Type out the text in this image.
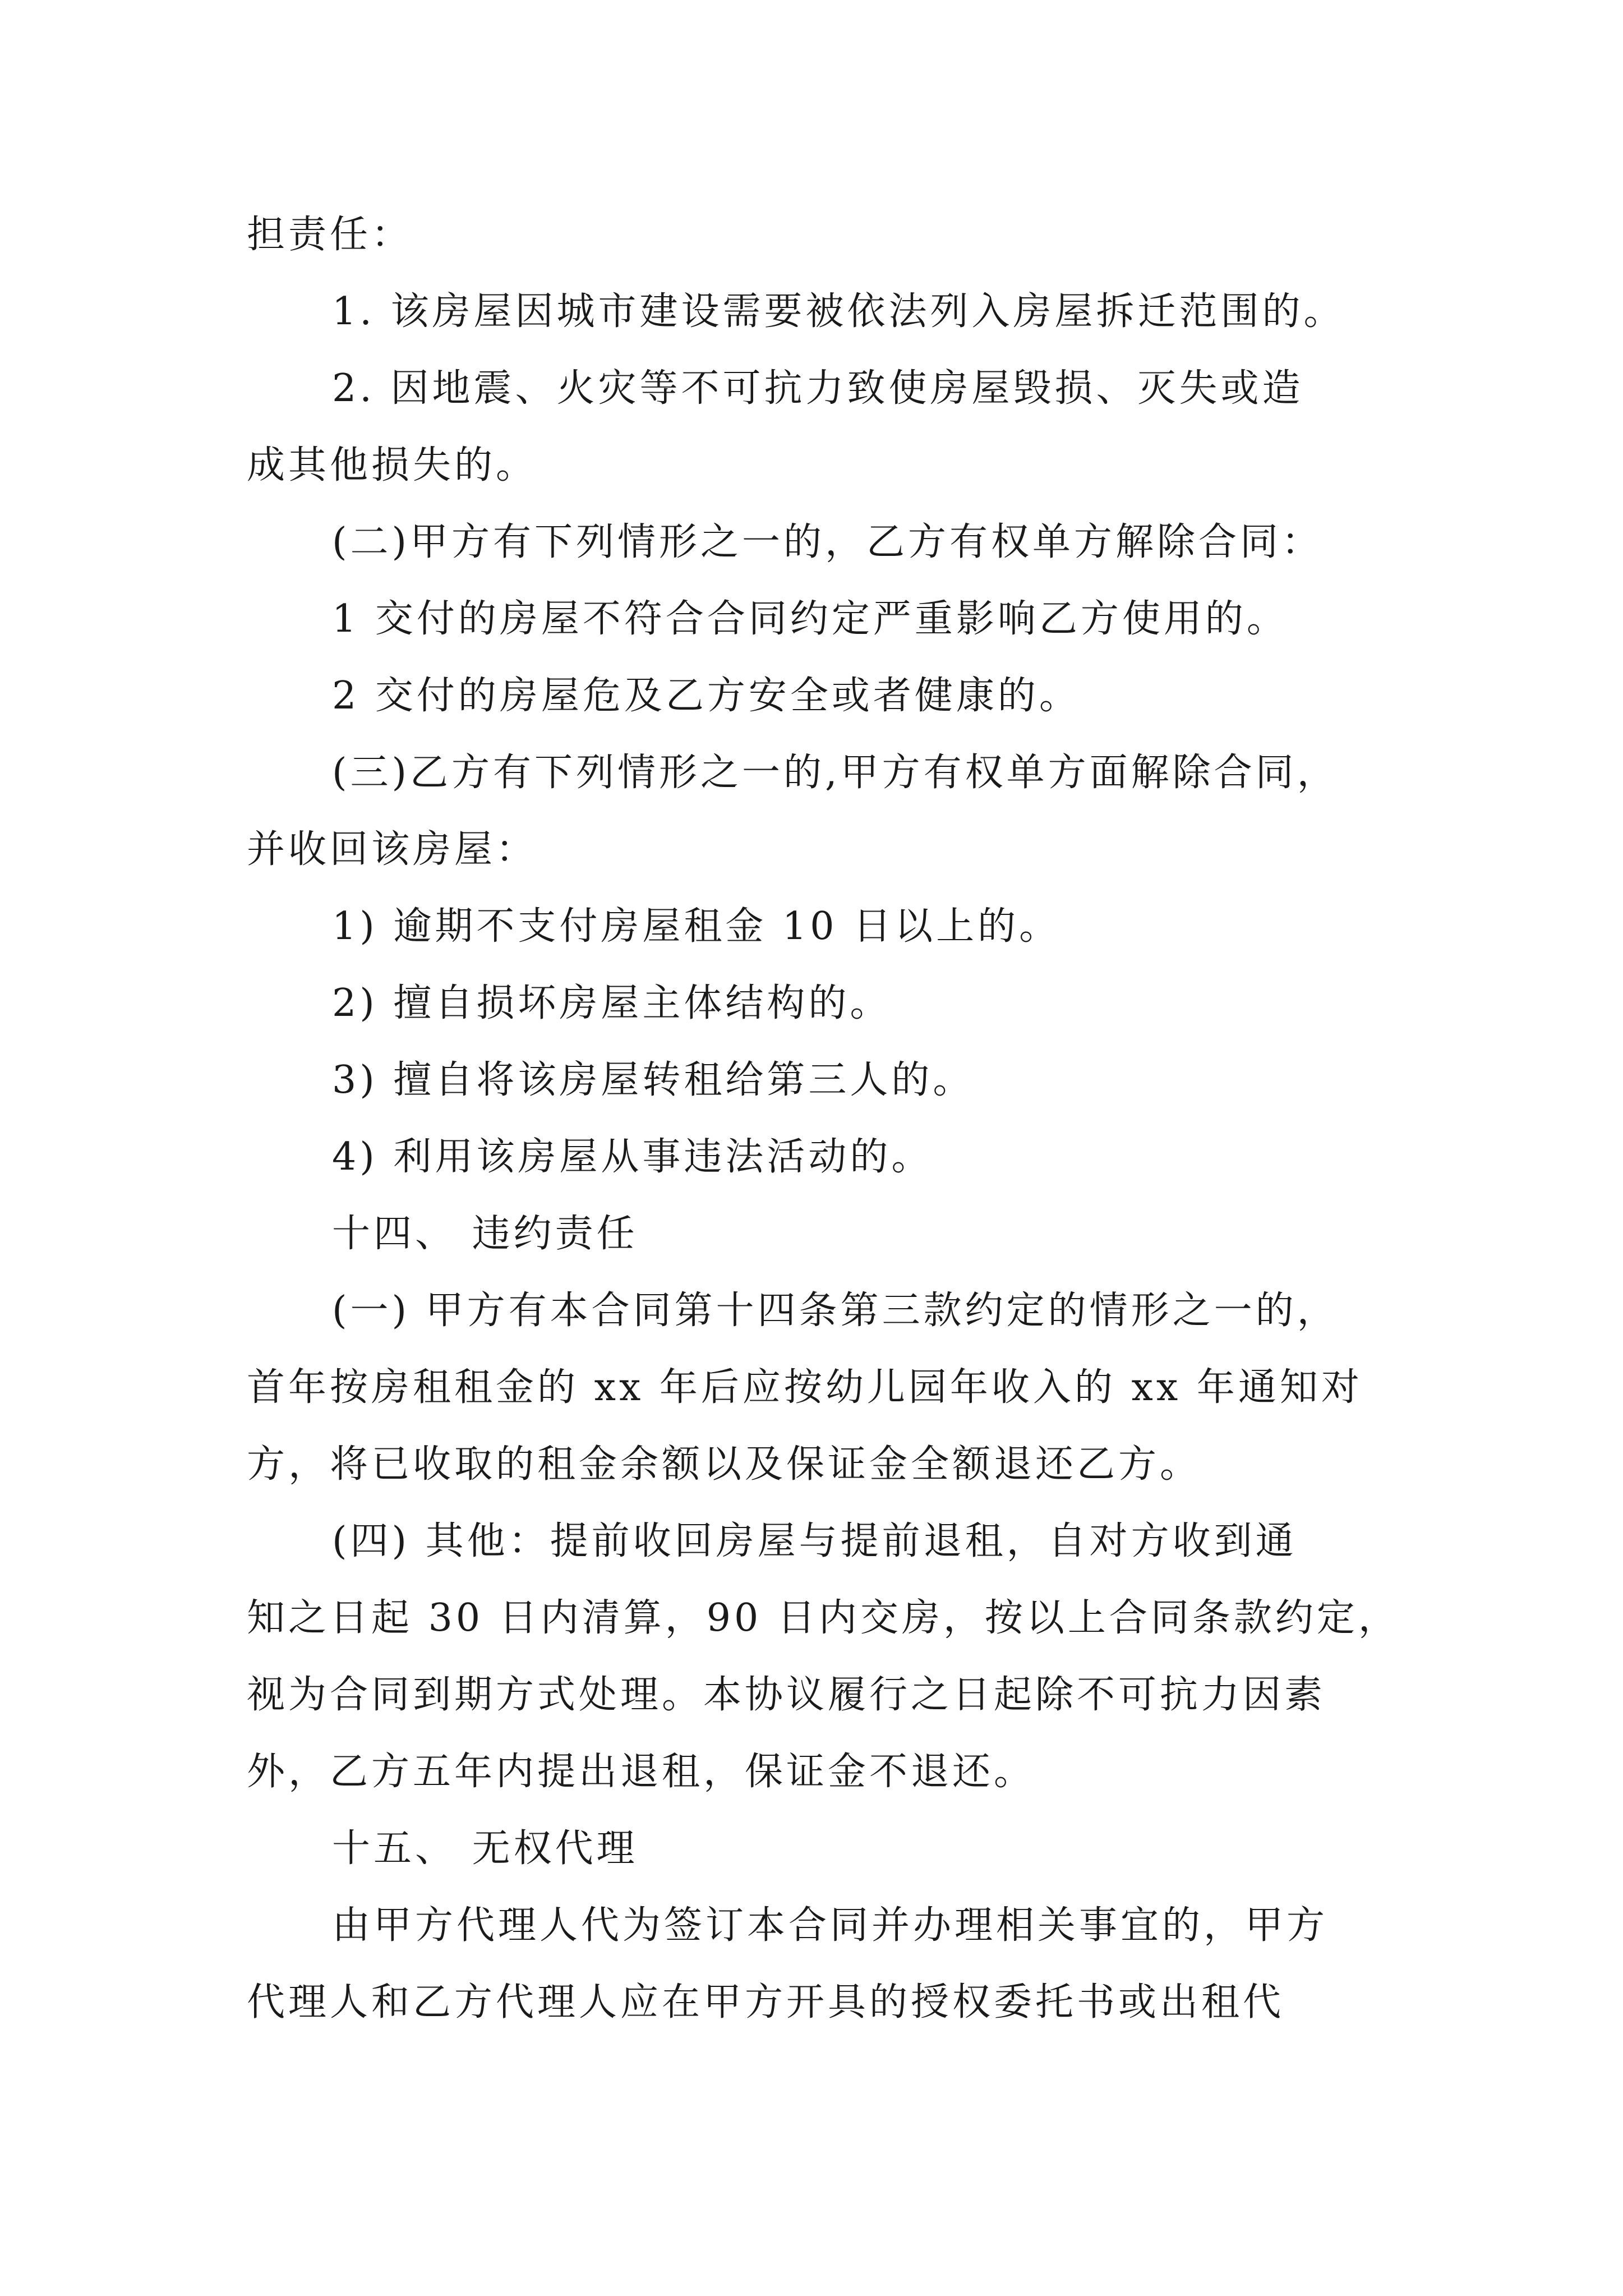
担责任：
1. 该房屋因城市建设需要被依法列入房屋拆迁范围的。
2. 因地震、火灾等不可抗力致使房屋毁损、灭失或造
成其他损失的。
(二)甲方有下列情形之一的，乙方有权单方解除合同：
1 交付的房屋不符合合同约定严重影响乙方使用的。
2 交付的房屋危及乙方安全或者健康的。
(三)乙方有下列情形之一的,甲方有权单方面解除合同，
并收回该房屋：
1) 逾期不支付房屋租金 10 日以上的。
2) 擅自损坏房屋主体结构的。
3) 擅自将该房屋转租给第三人的。
4) 利用该房屋从事违法活动的。
十四、 违约责任
(一) 甲方有本合同第十四条第三款约定的情形之一的，
首年按房租租金的 xx 年后应按幼儿园年收入的 xx 年通知对
方，将已收取的租金余额以及保证金全额退还乙方。
(四) 其他：提前收回房屋与提前退租，自对方收到通
知之日起 30 日内清算，90 日内交房，按以上合同条款约定，
视为合同到期方式处理。本协议履行之日起除不可抗力因素
外，乙方五年内提出退租，保证金不退还。
十五、 无权代理
由甲方代理人代为签订本合同并办理相关事宜的，甲方
代理人和乙方代理人应在甲方开具的授权委托书或出租代
